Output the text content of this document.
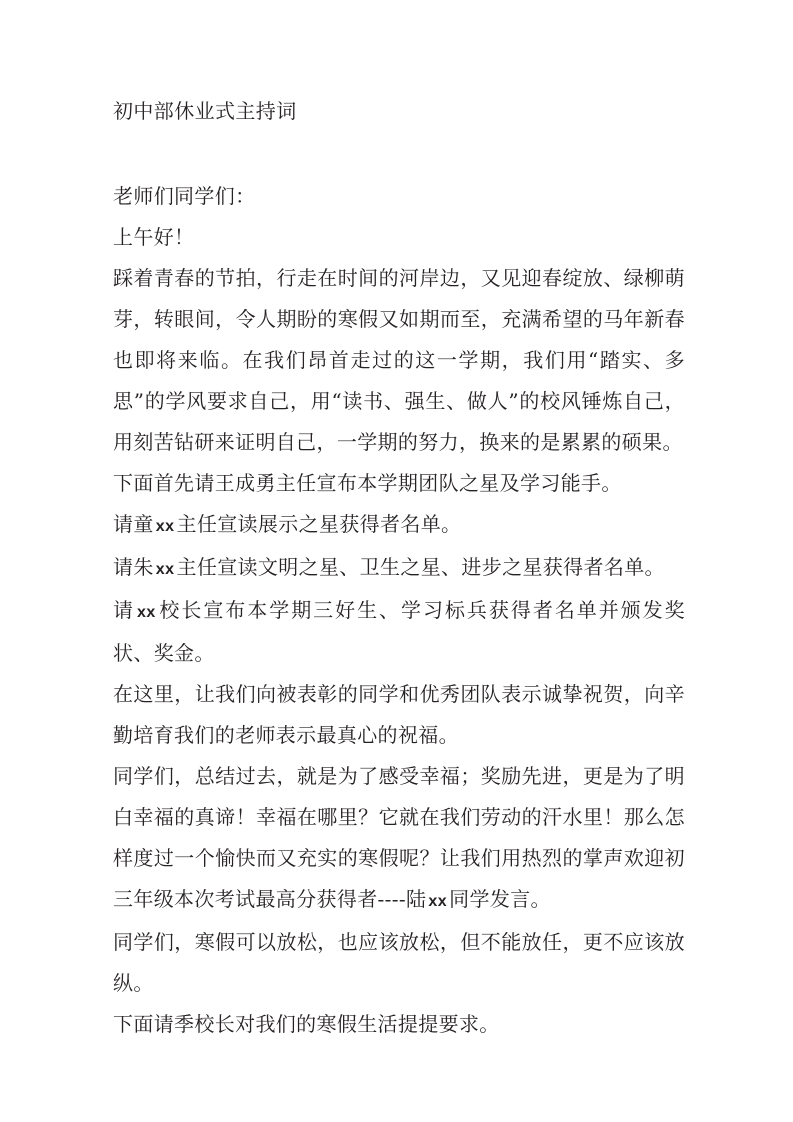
初中部休业式主持词

老师们同学们：

上午好！

踩着青春的节拍，行走在时间的河岸边，又见迎春绽放、绿柳萌芽，转眼间，令人期盼的寒假又如期而至，充满希望的马年新春也即将来临。在我们昂首走过的这一学期，我们用“踏实、多思”的学风要求自己，用“读书、强生、做人”的校风锤炼自己，用刻苦钻研来证明自己，一学期的努力，换来的是累累的硕果。

下面首先请王成勇主任宣布本学期团队之星及学习能手。

请童 xx 主任宣读展示之星获得者名单。

请朱 xx 主任宣读文明之星、卫生之星、进步之星获得者名单。

请 xx 校长宣布本学期三好生、学习标兵获得者名单并颁发奖状、奖金。

在这里，让我们向被表彰的同学和优秀团队表示诚挚祝贺，向辛勤培育我们的老师表示最真心的祝福。

同学们，总结过去，就是为了感受幸福；奖励先进，更是为了明白幸福的真谛！幸福在哪里？它就在我们劳动的汗水里！那么怎样度过一个愉快而又充实的寒假呢？让我们用热烈的掌声欢迎初三年级本次考试最高分获得者----陆 xx 同学发言。

同学们，寒假可以放松，也应该放松，但不能放任，更不应该放纵。

下面请季校长对我们的寒假生活提提要求。
